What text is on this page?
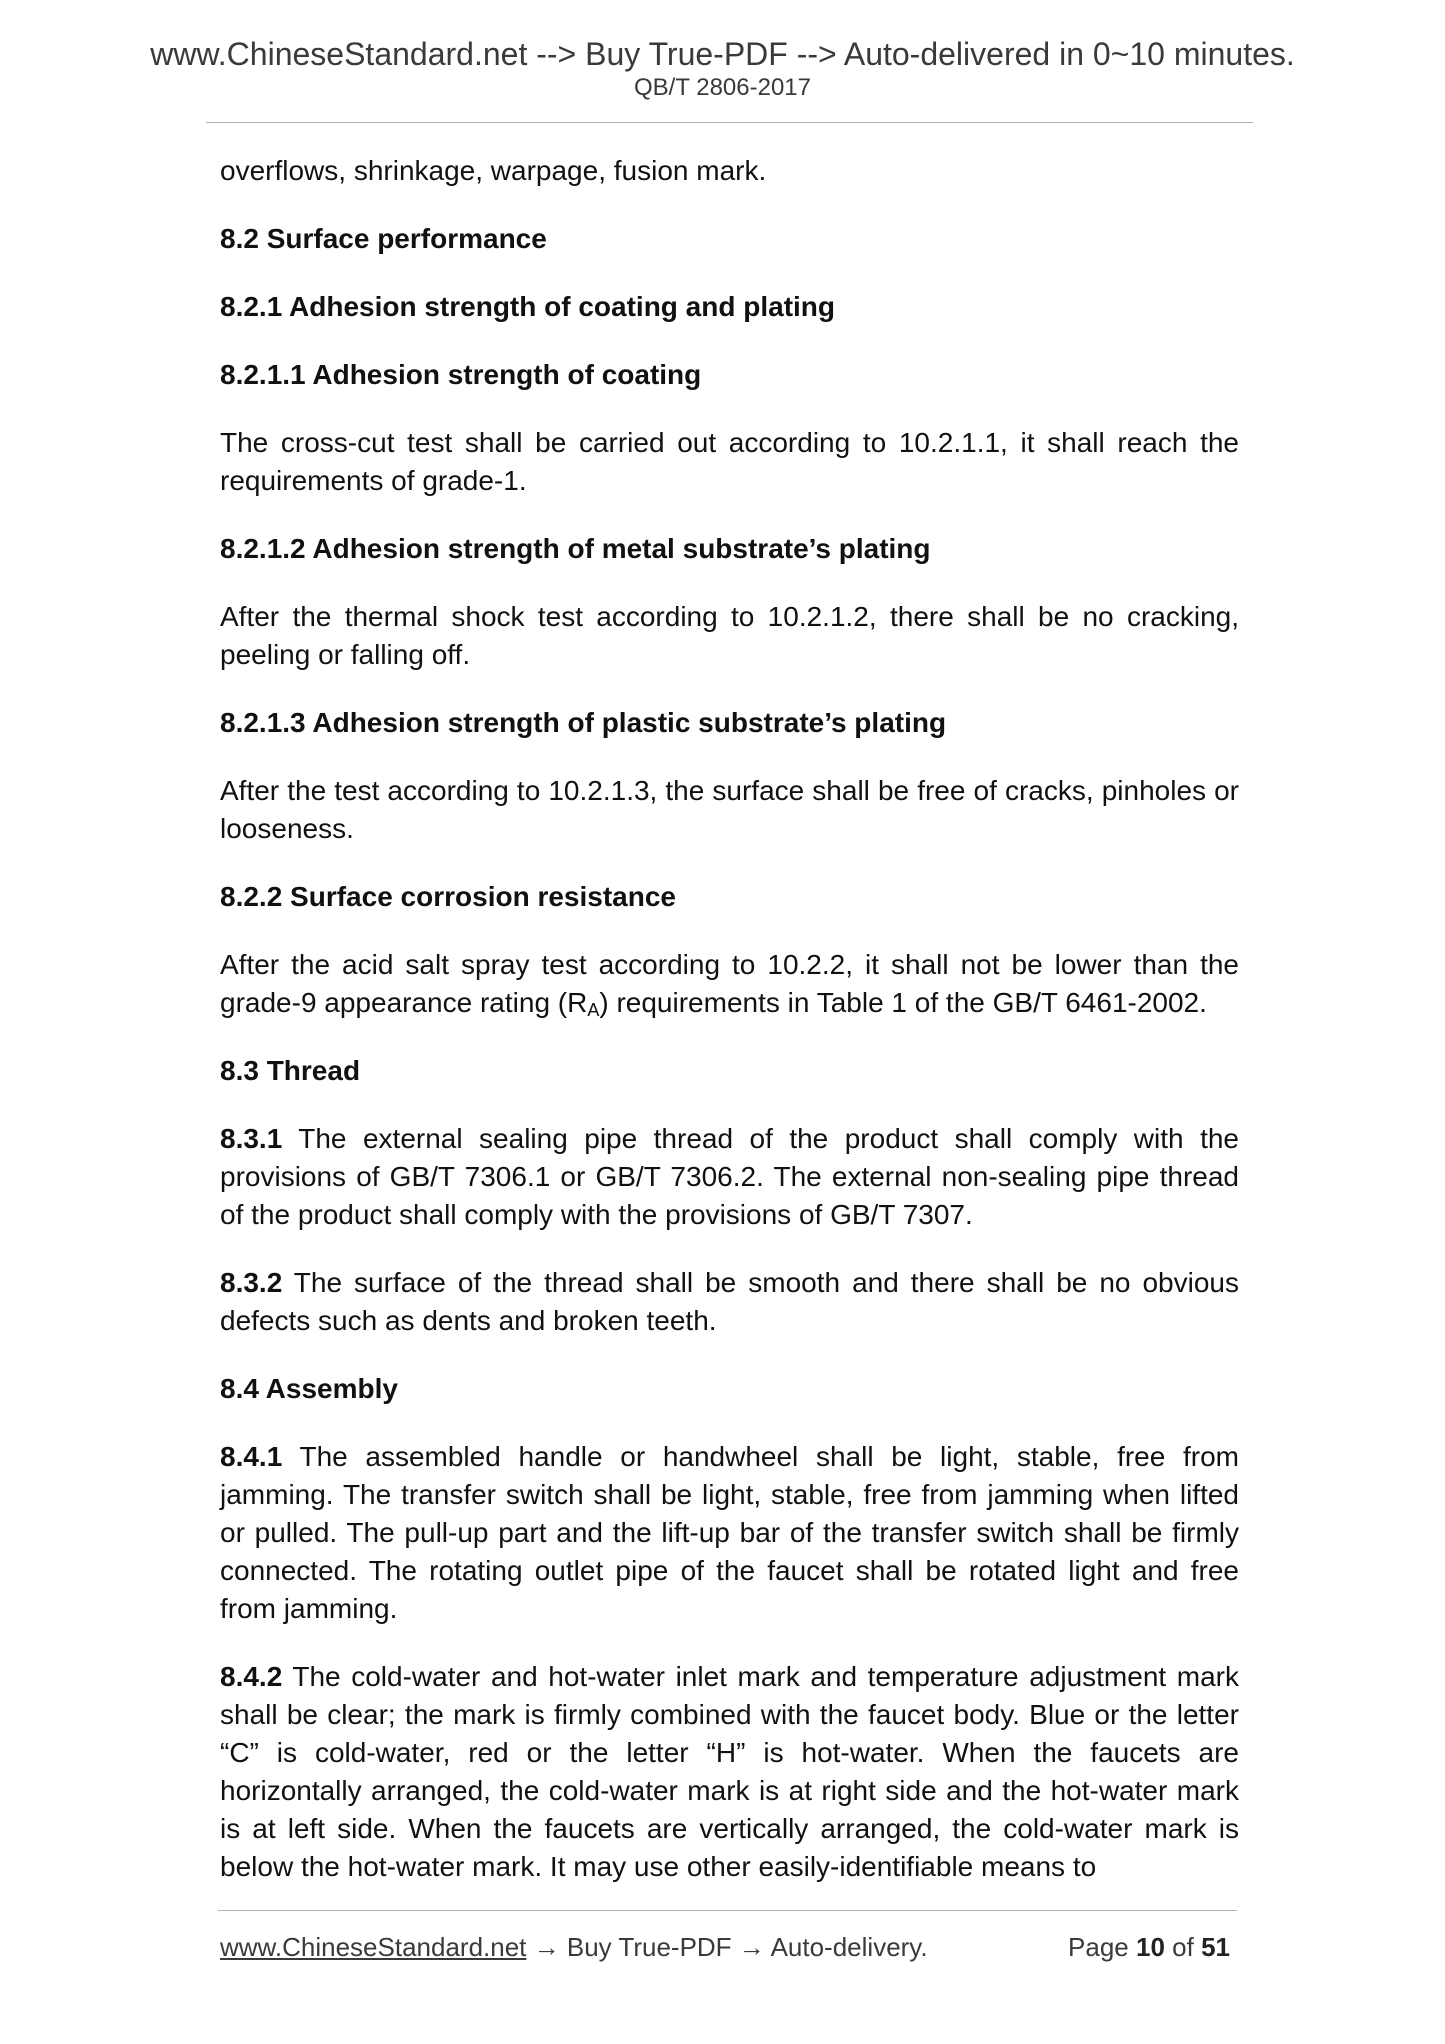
www.ChineseStandard.net --> Buy True-PDF --> Auto-delivered in 0~10 minutes.
QB/T 2806-2017

overflows, shrinkage, warpage, fusion mark.

8.2 Surface performance

8.2.1 Adhesion strength of coating and plating

8.2.1.1 Adhesion strength of coating

The cross-cut test shall be carried out according to 10.2.1.1, it shall reach the requirements of grade-1.

8.2.1.2 Adhesion strength of metal substrate’s plating

After the thermal shock test according to 10.2.1.2, there shall be no cracking, peeling or falling off.

8.2.1.3 Adhesion strength of plastic substrate’s plating

After the test according to 10.2.1.3, the surface shall be free of cracks, pinholes or looseness.

8.2.2 Surface corrosion resistance

After the acid salt spray test according to 10.2.2, it shall not be lower than the grade-9 appearance rating $(R_A)$ requirements in Table 1 of the GB/T 6461-2002.

8.3 Thread

8.3.1 The external sealing pipe thread of the product shall comply with the provisions of GB/T 7306.1 or GB/T 7306.2. The external non-sealing pipe thread of the product shall comply with the provisions of GB/T 7307.

8.3.2 The surface of the thread shall be smooth and there shall be no obvious defects such as dents and broken teeth.

8.4 Assembly

8.4.1 The assembled handle or handwheel shall be light, stable, free from jamming. The transfer switch shall be light, stable, free from jamming when lifted or pulled. The pull-up part and the lift-up bar of the transfer switch shall be firmly connected. The rotating outlet pipe of the faucet shall be rotated light and free from jamming.

8.4.2 The cold-water and hot-water inlet mark and temperature adjustment mark shall be clear; the mark is firmly combined with the faucet body. Blue or the letter “C” is cold-water, red or the letter “H” is hot-water. When the faucets are horizontally arranged, the cold-water mark is at right side and the hot-water mark is at left side. When the faucets are vertically arranged, the cold-water mark is below the hot-water mark. It may use other easily-identifiable means to

www.ChineseStandard.net → Buy True-PDF → Auto-delivery.	Page 10 of 51
